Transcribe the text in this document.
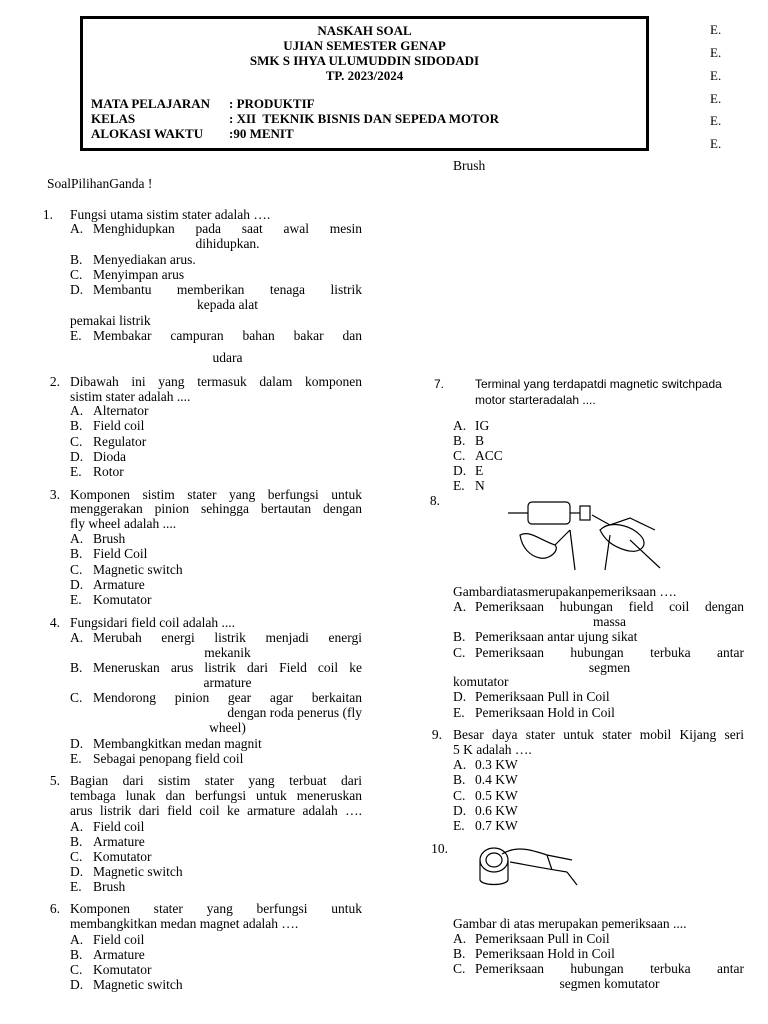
NASKAH SOAL
UJIAN SEMESTER GENAP
SMK S IHYA ULUMUDDIN SIDODADI
TP. 2023/2024
MATA PELAJARAN : PRODUKTIF
KELAS	: XII  TEKNIK BISNIS DAN SEPEDA MOTOR
ALOKASI WAKTU :90 MENIT
E.
E.
E.
E.
E.
E.
Brush
SoalPilihanGanda !
1. Fungsi utama sistim stater adalah ….
A. Menghidupkan pada saat awal mesin
dihidupkan.
B. Menyediakan arus.
C. Menyimpan arus
D. Membantu memberikan tenaga listrik
kepada alat
pemakai listrik
E. Membakar campuran bahan bakar dan
udara
2. Dibawah ini yang termasuk dalam komponen
sistim stater adalah ....
A. Alternator
B. Field coil
C. Regulator
D. Dioda
E. Rotor
3. Komponen sistim stater yang berfungsi untuk
menggerakan pinion sehingga bertautan dengan
fly wheel adalah ....
A. Brush
B. Field Coil
C. Magnetic switch
D. Armature
E. Komutator
4. Fungsidari field coil adalah ....
A. Merubah energi listrik menjadi energi
mekanik
B. Meneruskan arus listrik dari Field coil ke
armature
C. Mendorong pinion gear agar berkaitan
dengan roda penerus (fly
wheel)
D. Membangkitkan medan magnit
E. Sebagai penopang field coil
5. Bagian dari sistim stater yang terbuat dari
tembaga lunak dan berfungsi untuk meneruskan
arus listrik dari field coil ke armature adalah ….
A. Field coil
B. Armature
C. Komutator
D. Magnetic switch
E. Brush
6. Komponen stater yang berfungsi untuk
membangkitkan medan magnet adalah ….
A. Field coil
B. Armature
C. Komutator
D. Magnetic switch
7.	Terminal yang terdapatdi magnetic switchpada
motor starteradalah ....
A. IG
B. B
C. ACC
D. E
E. N
8.
Gambardiatasmerupakanpemeriksaan ….
A. Pemeriksaan hubungan field coil dengan
massa
B. Pemeriksaan antar ujung sikat
C. Pemeriksaan hubungan terbuka antar
segmen
komutator
D. Pemeriksaan Pull in Coil
E. Pemeriksaan Hold in Coil
9. Besar daya stater untuk stater mobil Kijang seri
5 K adalah ….
A. 0.3 KW
B. 0.4 KW
C. 0.5 KW
D. 0.6 KW
E. 0.7 KW
10.
Gambar di atas merupakan pemeriksaan ....
A. Pemeriksaan Pull in Coil
B. Pemeriksaan Hold in Coil
C. Pemeriksaan hubungan terbuka antar
segmen komutator
